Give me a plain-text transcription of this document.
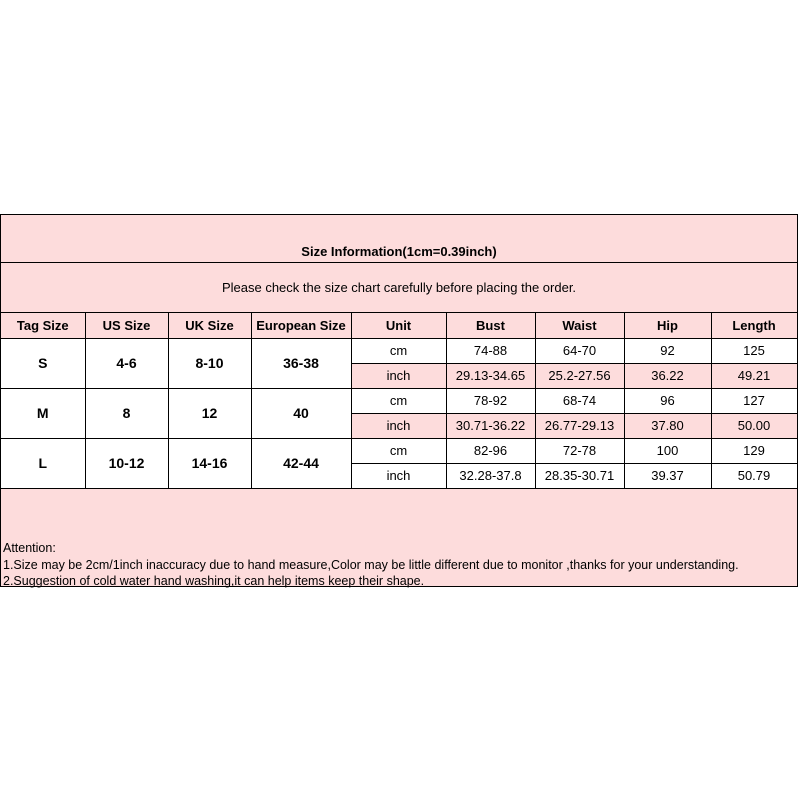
Size Information(1cm=0.39inch)
Please check the size chart carefully before placing the order.
Tag Size	US Size	UK Size	European Size	Unit	Bust	Waist	Hip	Length
S	4-6	8-10	36-38	cm	74-88	64-70	92	125
				inch	29.13-34.65	25.2-27.56	36.22	49.21
M	8	12	40	cm	78-92	68-74	96	127
				inch	30.71-36.22	26.77-29.13	37.80	50.00
L	10-12	14-16	42-44	cm	82-96	72-78	100	129
				inch	32.28-37.8	28.35-30.71	39.37	50.79
Attention:
1.Size may be 2cm/1inch inaccuracy due to hand measure,Color may be little different due to monitor ,thanks for your understanding.
2.Suggestion of cold water hand washing,it can help items keep their shape.
